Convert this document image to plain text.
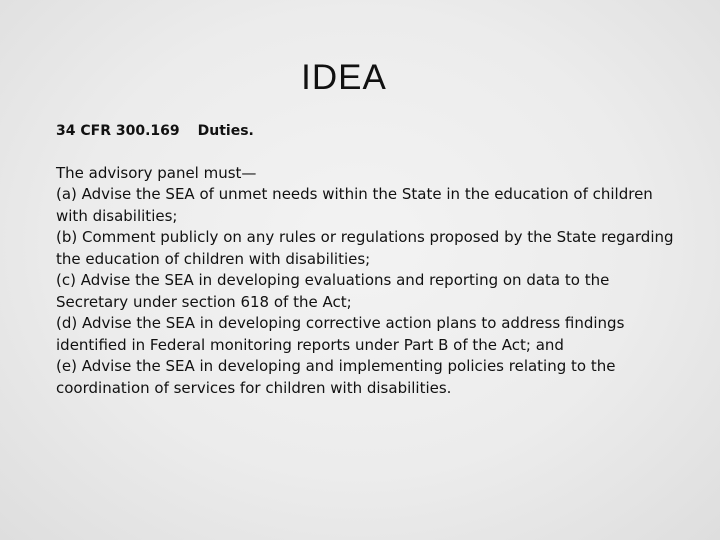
IDEA

34 CFR 300.169 Duties.

The advisory panel must—

(a) Advise the SEA of unmet needs within the State in the education of children with disabilities;

(b) Comment publicly on any rules or regulations proposed by the State regarding the education of children with disabilities;

(c) Advise the SEA in developing evaluations and reporting on data to the Secretary under section 618 of the Act;

(d) Advise the SEA in developing corrective action plans to address findings identified in Federal monitoring reports under Part B of the Act; and

(e) Advise the SEA in developing and implementing policies relating to the coordination of services for children with disabilities.
